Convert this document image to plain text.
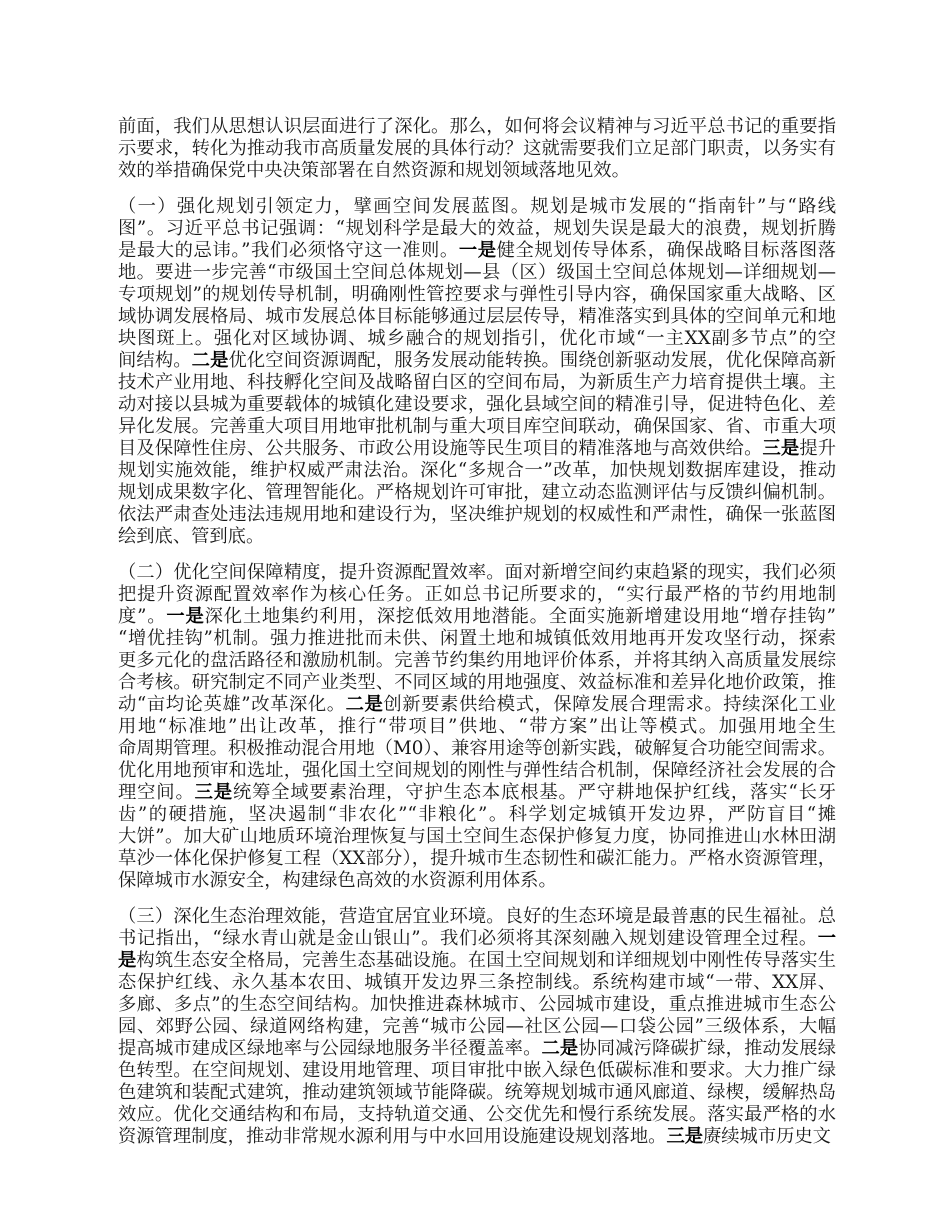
前面，我们从思想认识层面进行了深化。那么，如何将会议精神与习近平总书记的重要指
示要求，转化为推动我市高质量发展的具体行动？这就需要我们立足部门职责，以务实有
效的举措确保党中央决策部署在自然资源和规划领域落地见效。
（一）强化规划引领定力，擘画空间发展蓝图。规划是城市发展的“指南针”与“路线
图”。习近平总书记强调：“规划科学是最大的效益，规划失误是最大的浪费，规划折腾
是最大的忌讳。”我们必须恪守这一准则。一是健全规划传导体系，确保战略目标落图落
地。要进一步完善“市级国土空间总体规划—县（区）级国土空间总体规划—详细规划—
专项规划”的规划传导机制，明确刚性管控要求与弹性引导内容，确保国家重大战略、区
域协调发展格局、城市发展总体目标能够通过层层传导，精准落实到具体的空间单元和地
块图斑上。强化对区域协调、城乡融合的规划指引，优化市域“一主XX副多节点”的空
间结构。二是优化空间资源调配，服务发展动能转换。围绕创新驱动发展，优化保障高新
技术产业用地、科技孵化空间及战略留白区的空间布局，为新质生产力培育提供土壤。主
动对接以县城为重要载体的城镇化建设要求，强化县域空间的精准引导，促进特色化、差
异化发展。完善重大项目用地审批机制与重大项目库空间联动，确保国家、省、市重大项
目及保障性住房、公共服务、市政公用设施等民生项目的精准落地与高效供给。三是提升
规划实施效能，维护权威严肃法治。深化“多规合一”改革，加快规划数据库建设，推动
规划成果数字化、管理智能化。严格规划许可审批，建立动态监测评估与反馈纠偏机制。
依法严肃查处违法违规用地和建设行为，坚决维护规划的权威性和严肃性，确保一张蓝图
绘到底、管到底。
（二）优化空间保障精度，提升资源配置效率。面对新增空间约束趋紧的现实，我们必须
把提升资源配置效率作为核心任务。正如总书记所要求的，“实行最严格的节约用地制
度”。一是深化土地集约利用，深挖低效用地潜能。全面实施新增建设用地“增存挂钩”
“增优挂钩”机制。强力推进批而未供、闲置土地和城镇低效用地再开发攻坚行动，探索
更多元化的盘活路径和激励机制。完善节约集约用地评价体系，并将其纳入高质量发展综
合考核。研究制定不同产业类型、不同区域的用地强度、效益标准和差异化地价政策，推
动“亩均论英雄”改革深化。二是创新要素供给模式，保障发展合理需求。持续深化工业
用地“标准地”出让改革，推行“带项目”供地、“带方案”出让等模式。加强用地全生
命周期管理。积极推动混合用地（M0）、兼容用途等创新实践，破解复合功能空间需求。
优化用地预审和选址，强化国土空间规划的刚性与弹性结合机制，保障经济社会发展的合
理空间。三是统筹全域要素治理，守护生态本底根基。严守耕地保护红线，落实“长牙
齿”的硬措施，坚决遏制“非农化”“非粮化”。科学划定城镇开发边界，严防盲目“摊
大饼”。加大矿山地质环境治理恢复与国土空间生态保护修复力度，协同推进山水林田湖
草沙一体化保护修复工程（XX部分），提升城市生态韧性和碳汇能力。严格水资源管理，
保障城市水源安全，构建绿色高效的水资源利用体系。
（三）深化生态治理效能，营造宜居宜业环境。良好的生态环境是最普惠的民生福祉。总
书记指出，“绿水青山就是金山银山”。我们必须将其深刻融入规划建设管理全过程。一
是构筑生态安全格局，完善生态基础设施。在国土空间规划和详细规划中刚性传导落实生
态保护红线、永久基本农田、城镇开发边界三条控制线。系统构建市域“一带、XX屏、
多廊、多点”的生态空间结构。加快推进森林城市、公园城市建设，重点推进城市生态公
园、郊野公园、绿道网络构建，完善“城市公园—社区公园—口袋公园”三级体系，大幅
提高城市建成区绿地率与公园绿地服务半径覆盖率。二是协同减污降碳扩绿，推动发展绿
色转型。在空间规划、建设用地管理、项目审批中嵌入绿色低碳标准和要求。大力推广绿
色建筑和装配式建筑，推动建筑领域节能降碳。统筹规划城市通风廊道、绿楔，缓解热岛
效应。优化交通结构和布局，支持轨道交通、公交优先和慢行系统发展。落实最严格的水
资源管理制度，推动非常规水源利用与中水回用设施建设规划落地。三是赓续城市历史文
